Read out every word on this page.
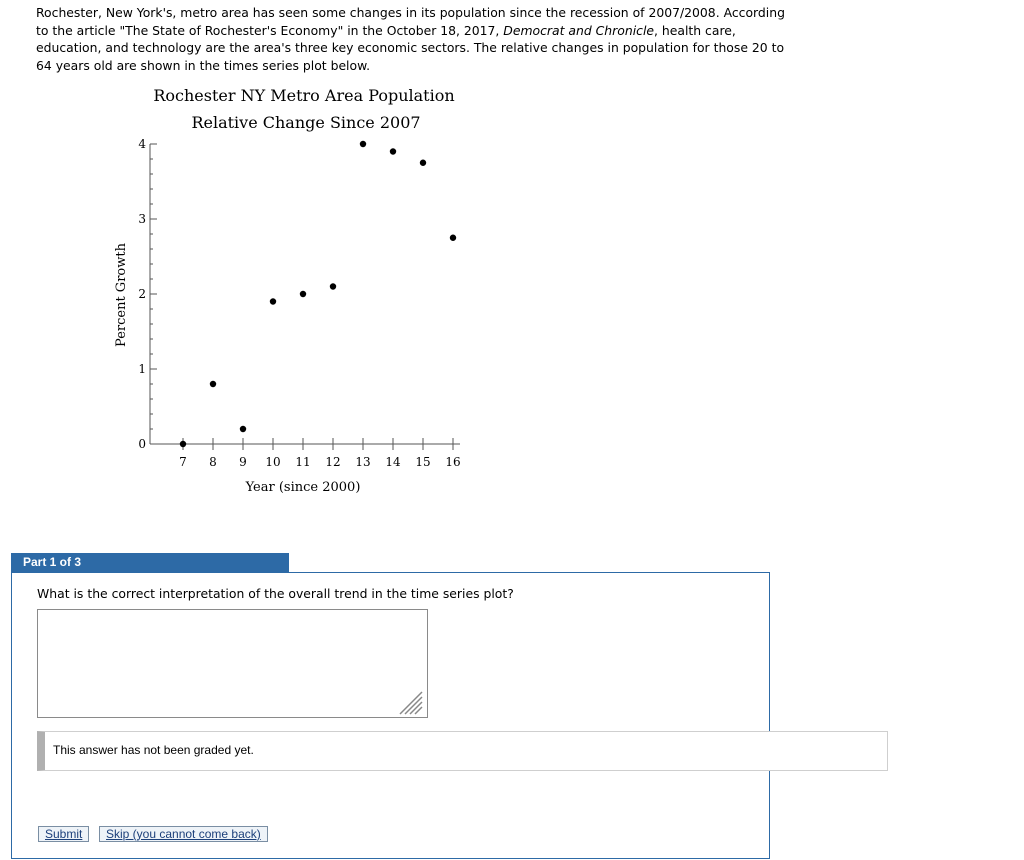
Rochester, New York's, metro area has seen some changes in its population since the recession of 2007/2008. According to the article "The State of Rochester's Economy" in the October 18, 2017, Democrat and Chronicle, health care, education, and technology are the area's three key economic sectors. The relative changes in population for those 20 to 64 years old are shown in the times series plot below.

Rochester NY Metro Area Population
Relative Change Since 2007
Percent Growth
Year (since 2000)
0
1
2
3
4
7 8 9 10 11 12 13 14 15 16
Part 1 of 3

What is the correct interpretation of the overall trend in the time series plot?

This answer has not been graded yet.
Submit	Skip (you cannot come back)
